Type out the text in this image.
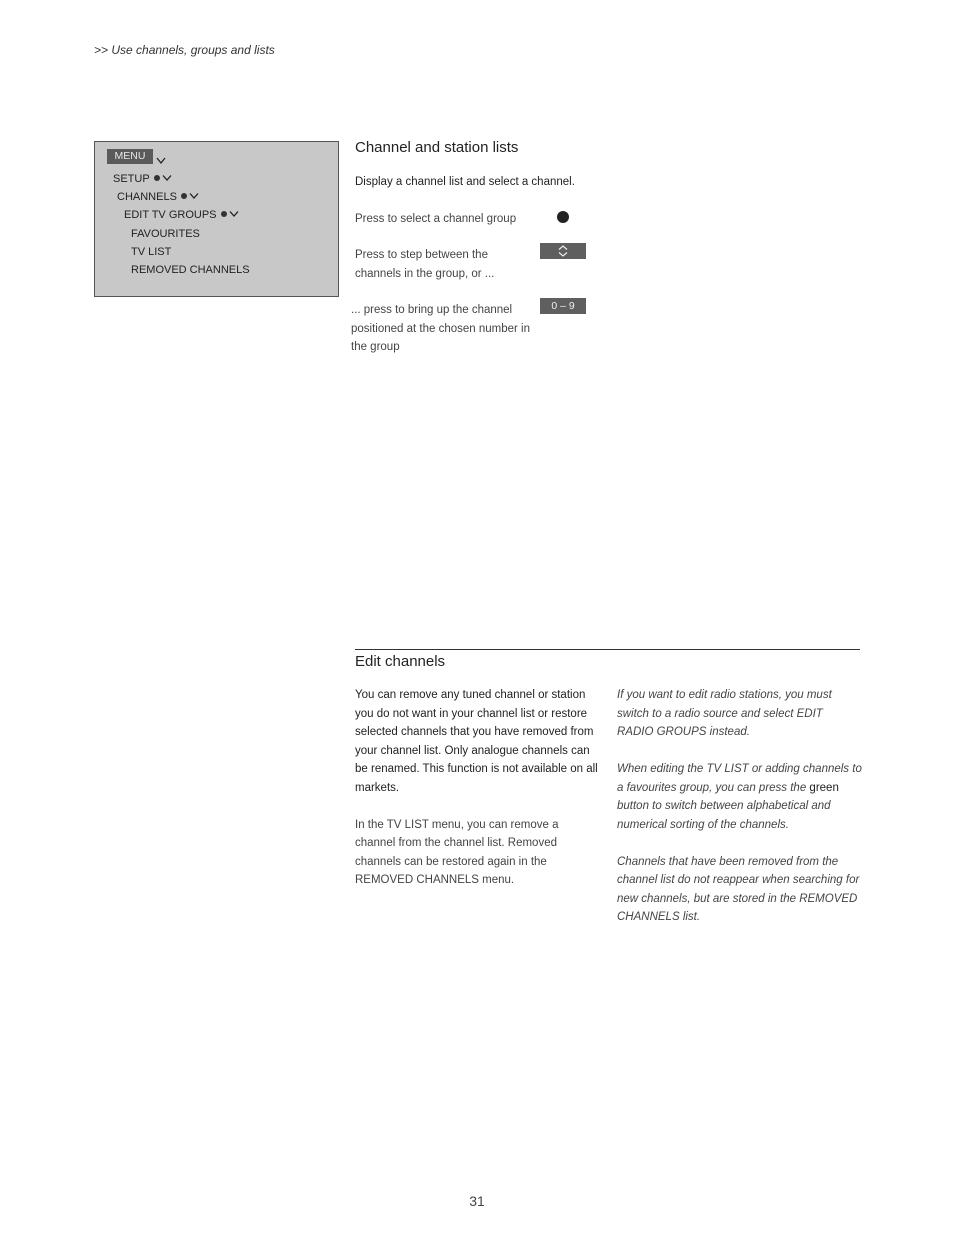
>> Use channels, groups and lists
MENU
SETUP
CHANNELS
EDIT TV GROUPS
FAVOURITES
TV LIST
REMOVED CHANNELS
Channel and station lists
Display a channel list and select a channel.
Press to select a channel group
Press to step between the channels in the group, or ...
... press to bring up the channel positioned at the chosen number in the group
0 – 9
Edit channels

You can remove any tuned channel or station you do not want in your channel list or restore selected channels that you have removed from your channel list. Only analogue channels can be renamed. This function is not available on all markets.

In the TV LIST menu, you can remove a channel from the channel list. Removed channels can be restored again in the REMOVED CHANNELS menu.

If you want to edit radio stations, you must switch to a radio source and select EDIT RADIO GROUPS instead.

When editing the TV LIST or adding channels to a favourites group, you can press the green button to switch between alphabetical and numerical sorting of the channels.

Channels that have been removed from the channel list do not reappear when searching for new channels, but are stored in the REMOVED CHANNELS list.

31
